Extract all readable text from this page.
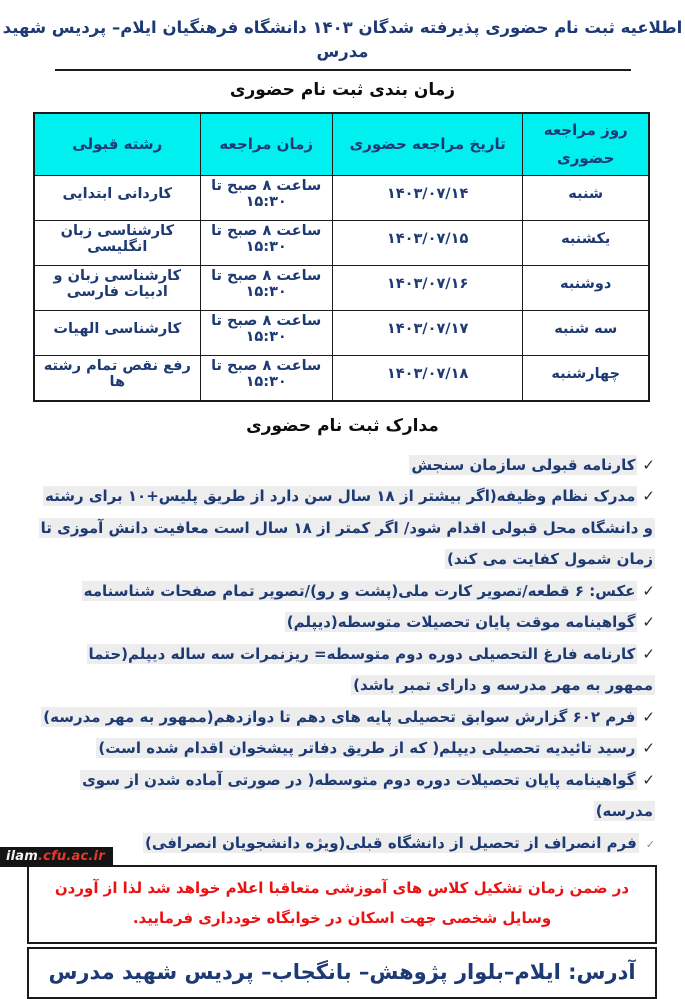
اطلاعیه ثبت نام حضوری پذیرفته شدگان ۱۴۰۳ دانشگاه فرهنگیان ایلام– پردیس شهید مدرس
زمان بندی ثبت نام حضوری
روز مراجعه حضوری	تاریخ مراجعه حضوری	زمان مراجعه	رشته قبولی
شنبه	۱۴۰۳/۰۷/۱۴	ساعت ۸ صبح تا ۱۵:۳۰	کاردانی ابتدایی
یکشنبه	۱۴۰۳/۰۷/۱۵	ساعت ۸ صبح تا ۱۵:۳۰	کارشناسی زبان انگلیسی
دوشنبه	۱۴۰۳/۰۷/۱۶	ساعت ۸ صبح تا ۱۵:۳۰	کارشناسی زبان و ادبیات فارسی
سه شنبه	۱۴۰۳/۰۷/۱۷	ساعت ۸ صبح تا ۱۵:۳۰	کارشناسی الهیات
چهارشنبه	۱۴۰۳/۰۷/۱۸	ساعت ۸ صبح تا ۱۵:۳۰	رفع نقص تمام رشته ها
مدارک ثبت نام حضوری
✓کارنامه قبولی سازمان سنجش
✓مدرک نظام وظیفه(اگر بیشتر از ۱۸ سال سن دارد از طریق پلیس+۱۰ برای رشته و دانشگاه محل قبولی اقدام شود/ اگر کمتر از ۱۸ سال است معافیت دانش آموزی تا زمان شمول کفایت می کند)
✓عکس: ۶ قطعه/تصویر کارت ملی(پشت و رو)/تصویر تمام صفحات شناسنامه
✓گواهینامه موقت پایان تحصیلات متوسطه(دیپلم)
✓کارنامه فارغ التحصیلی دوره دوم متوسطه= ریزنمرات سه ساله دیپلم(حتما ممهور به مهر مدرسه و دارای تمبر باشد)
✓فرم ۶۰۲ گزارش سوابق تحصیلی پایه های دهم تا دوازدهم(ممهور به مهر مدرسه)
✓رسید تائیدیه تحصیلی دیپلم( که از طریق دفاتر پیشخوان اقدام شده است)
✓گواهینامه پایان تحصیلات دوره دوم متوسطه( در صورتی آماده شدن از سوی مدرسه)
✓فرم انصراف از تحصیل از دانشگاه قبلی(ویژه دانشجویان انصرافی)
در ضمن زمان تشکیل کلاس های آموزشی متعاقبا اعلام خواهد شد لذا از آوردن وسایل شخصی جهت اسکان در خوابگاه خودداری فرمایید.
آدرس: ایلام–بلوار پژوهش– بانگجاب– پردیس شهید مدرس
ilam.cfu.ac.ir
